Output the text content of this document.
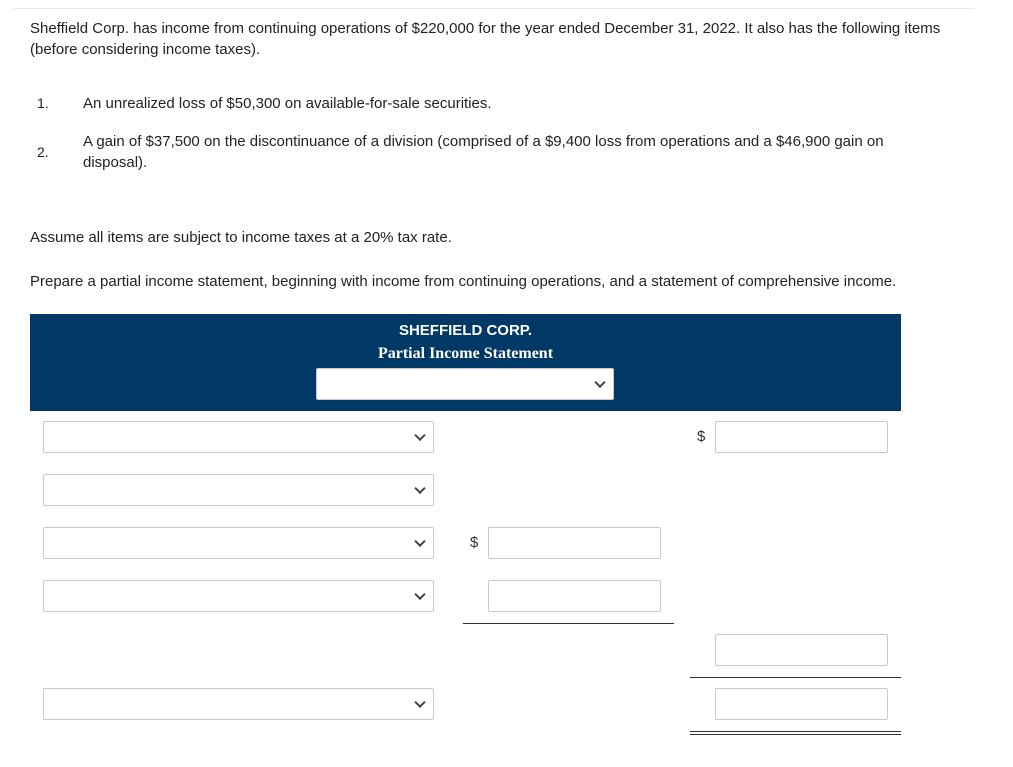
Sheffield Corp. has income from continuing operations of $220,000 for the year ended December 31, 2022. It also has the following items (before considering income taxes).

1. An unrealized loss of $50,300 on available-for-sale securities.
2.
A gain of $37,500 on the discontinuance of a division (comprised of a $9,400 loss from operations and a $46,900 gain on disposal).

Assume all items are subject to income taxes at a 20% tax rate.

Prepare a partial income statement, beginning with income from continuing operations, and a statement of comprehensive income.

SHEFFIELD CORP.
Partial Income Statement
$
$
